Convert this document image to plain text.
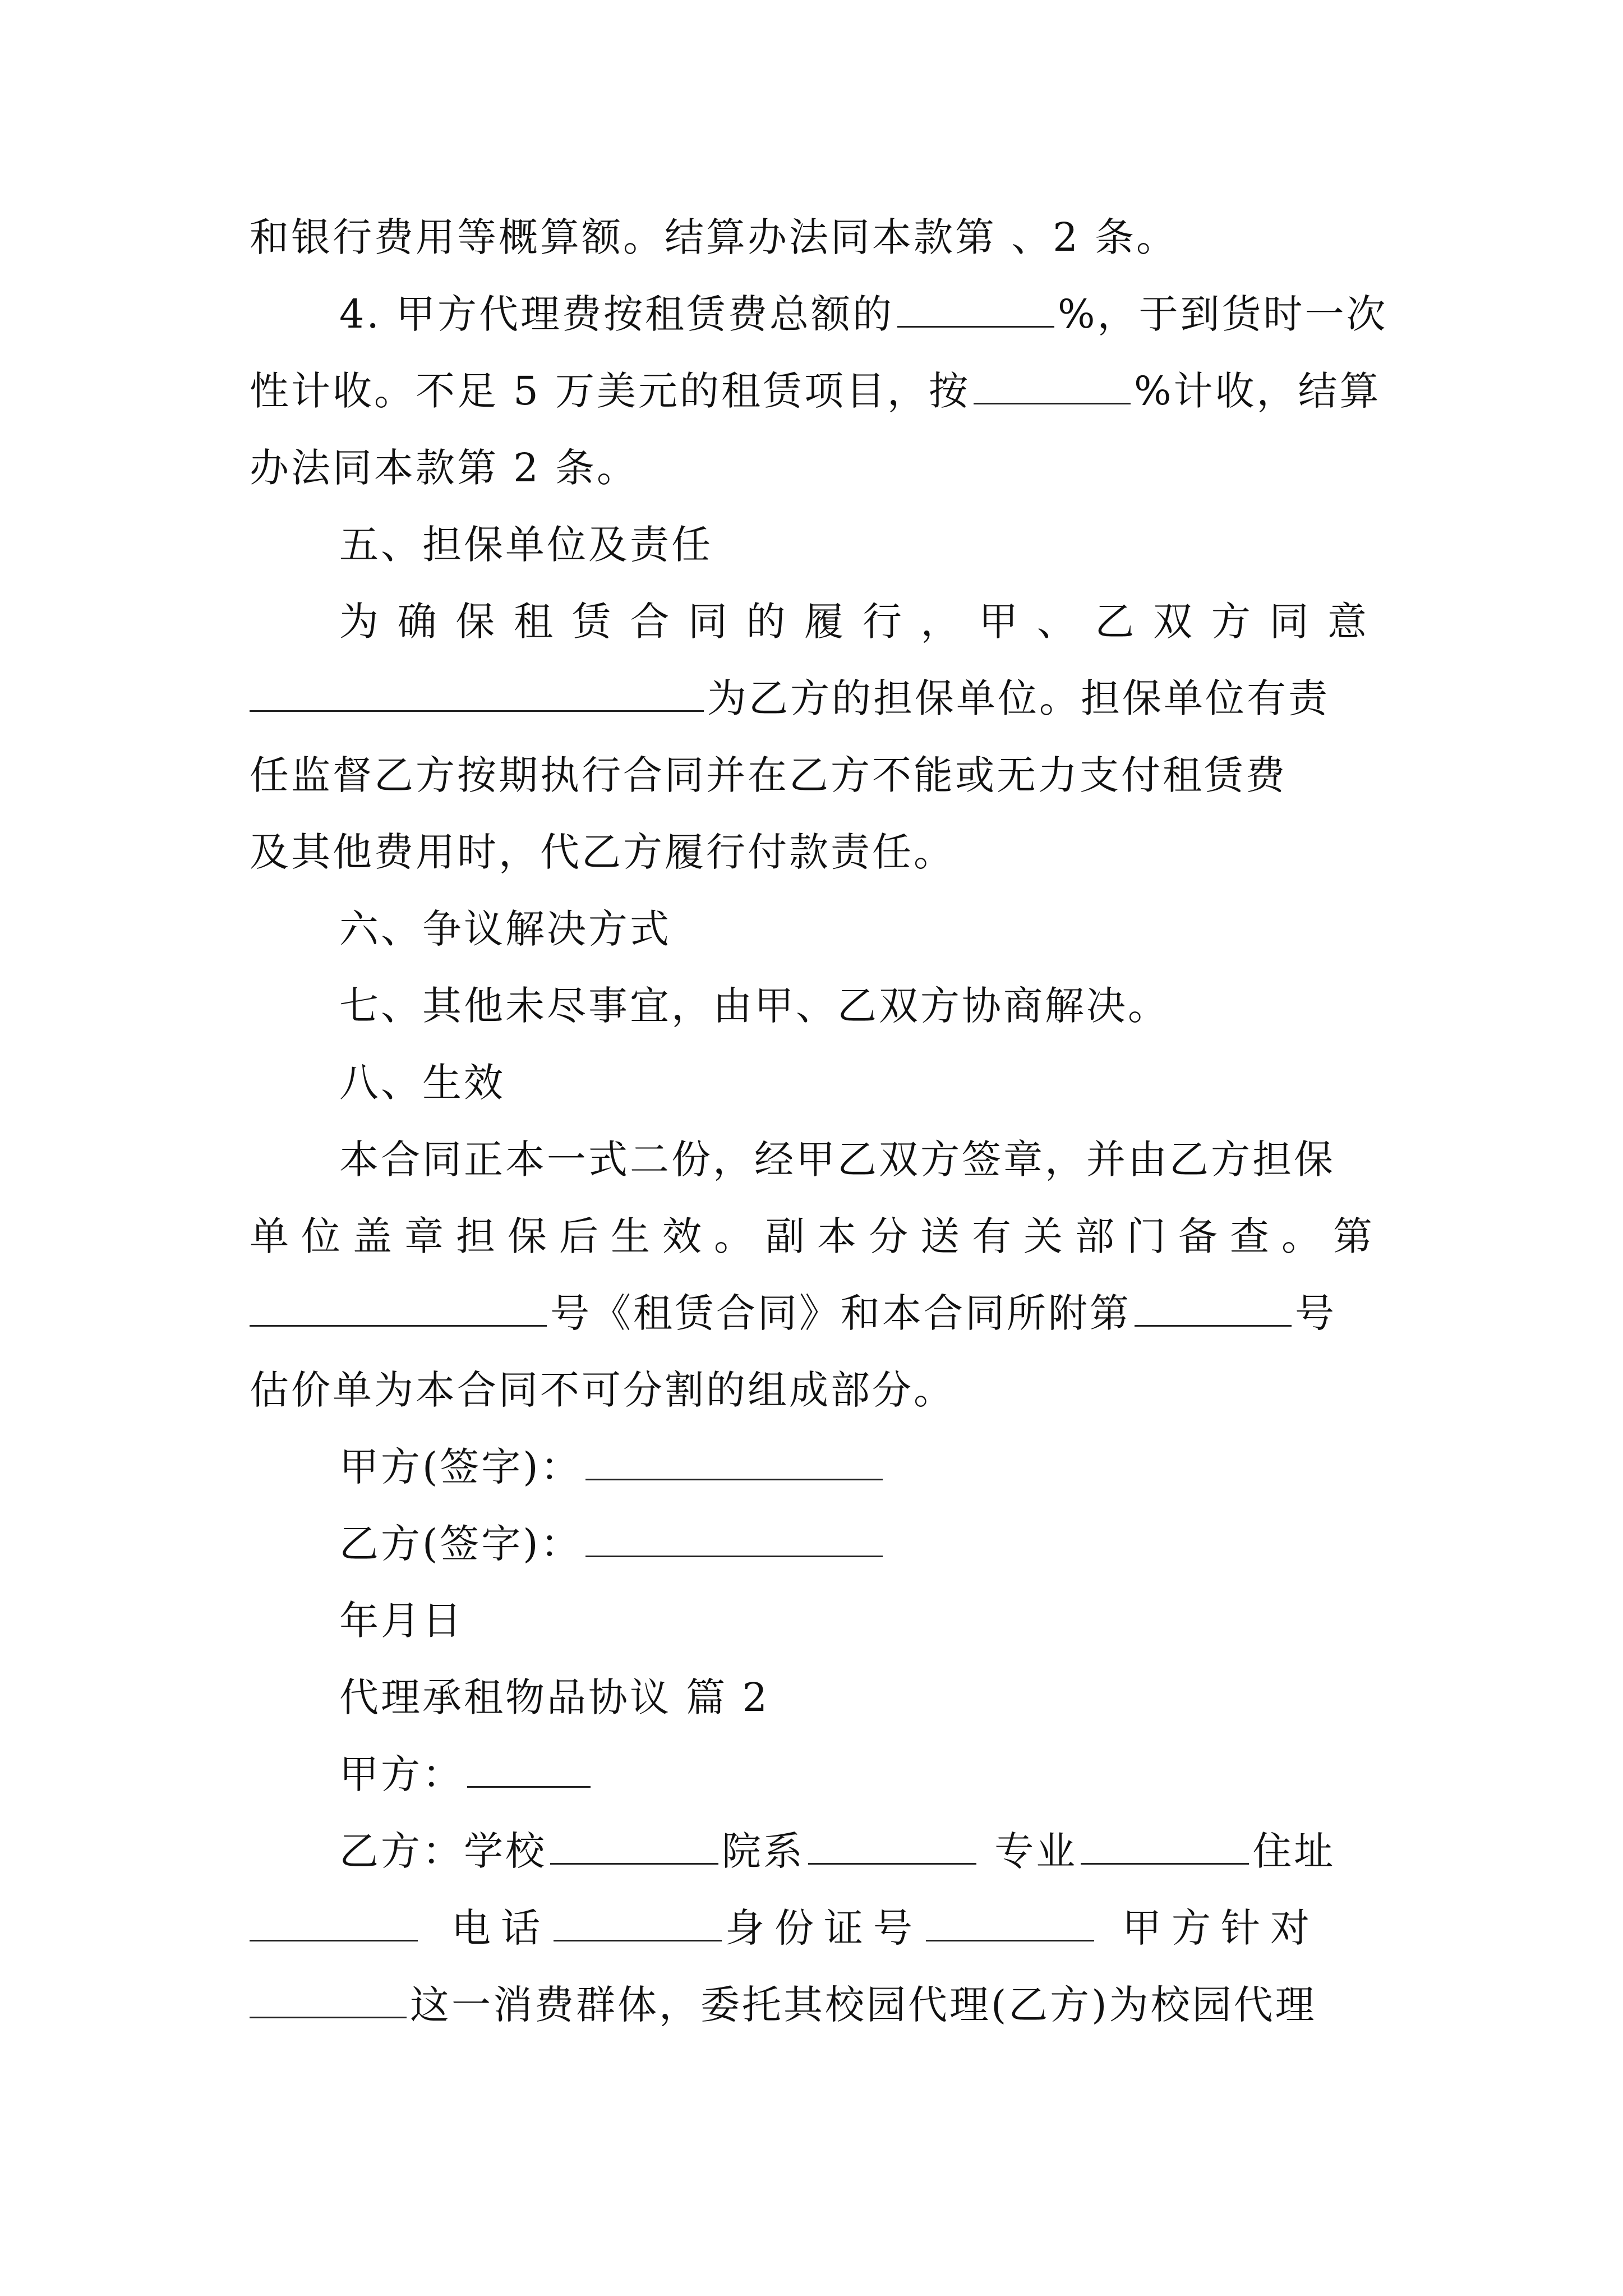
和银行费用等概算额。结算办法同本款第 、2 条。
4. 甲方代理费按租赁费总额的	%，于到货时一次
性计收。不足 5 万美元的租赁项目，按	%计收，结算
办法同本款第 2 条。
五、担保单位及责任
为确保租赁合同的履行，甲、乙双方同意
为乙方的担保单位。担保单位有责
任监督乙方按期执行合同并在乙方不能或无力支付租赁费
及其他费用时，代乙方履行付款责任。
六、争议解决方式
七、其他未尽事宜，由甲、乙双方协商解决。
八、生效
本合同正本一式二份，经甲乙双方签章，并由乙方担保
单位盖章担保后生效。副本分送有关部门备查。第
号《租赁合同》和本合同所附第	号
估价单为本合同不可分割的组成部分。
甲方(签字)：
乙方(签字)：
年月日
代理承租物品协议 篇 2
甲方：
乙方：学校	院系	专业	住址
电话	身份证号	甲方针对
这一消费群体，委托其校园代理(乙方)为校园代理
